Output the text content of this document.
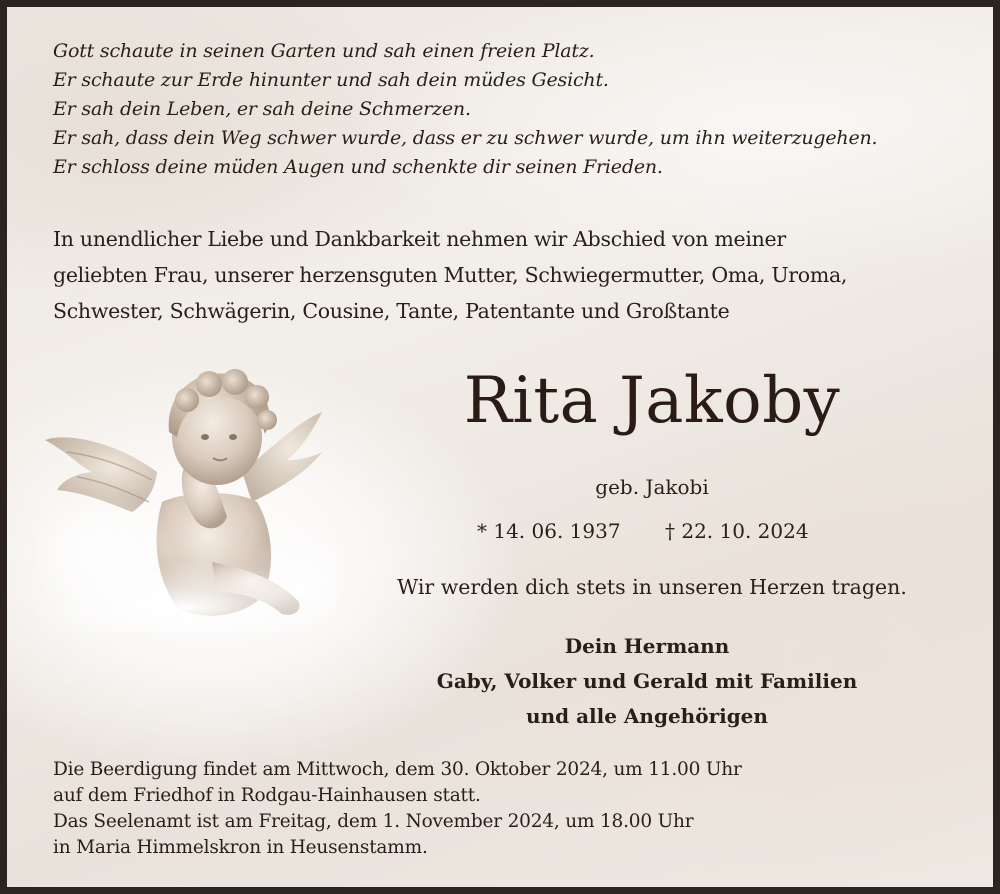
Gott schaute in seinen Garten und sah einen freien Platz.
Er schaute zur Erde hinunter und sah dein müdes Gesicht.
Er sah dein Leben, er sah deine Schmerzen.
Er sah, dass dein Weg schwer wurde, dass er zu schwer wurde, um ihn weiterzugehen.
Er schloss deine müden Augen und schenkte dir seinen Frieden.
In unendlicher Liebe und Dankbarkeit nehmen wir Abschied von meiner
geliebten Frau, unserer herzensguten Mutter, Schwiegermutter, Oma, Uroma,
Schwester, Schwägerin, Cousine, Tante, Patentante und Großtante
Rita Jakoby
geb. Jakobi
* 14. 06. 1937 † 22. 10. 2024
Wir werden dich stets in unseren Herzen tragen.
Dein Hermann
Gaby, Volker und Gerald mit Familien
und alle Angehörigen
Die Beerdigung findet am Mittwoch, dem 30. Oktober 2024, um 11.00 Uhr
auf dem Friedhof in Rodgau-Hainhausen statt.
Das Seelenamt ist am Freitag, dem 1. November 2024, um 18.00 Uhr
in Maria Himmelskron in Heusenstamm.
